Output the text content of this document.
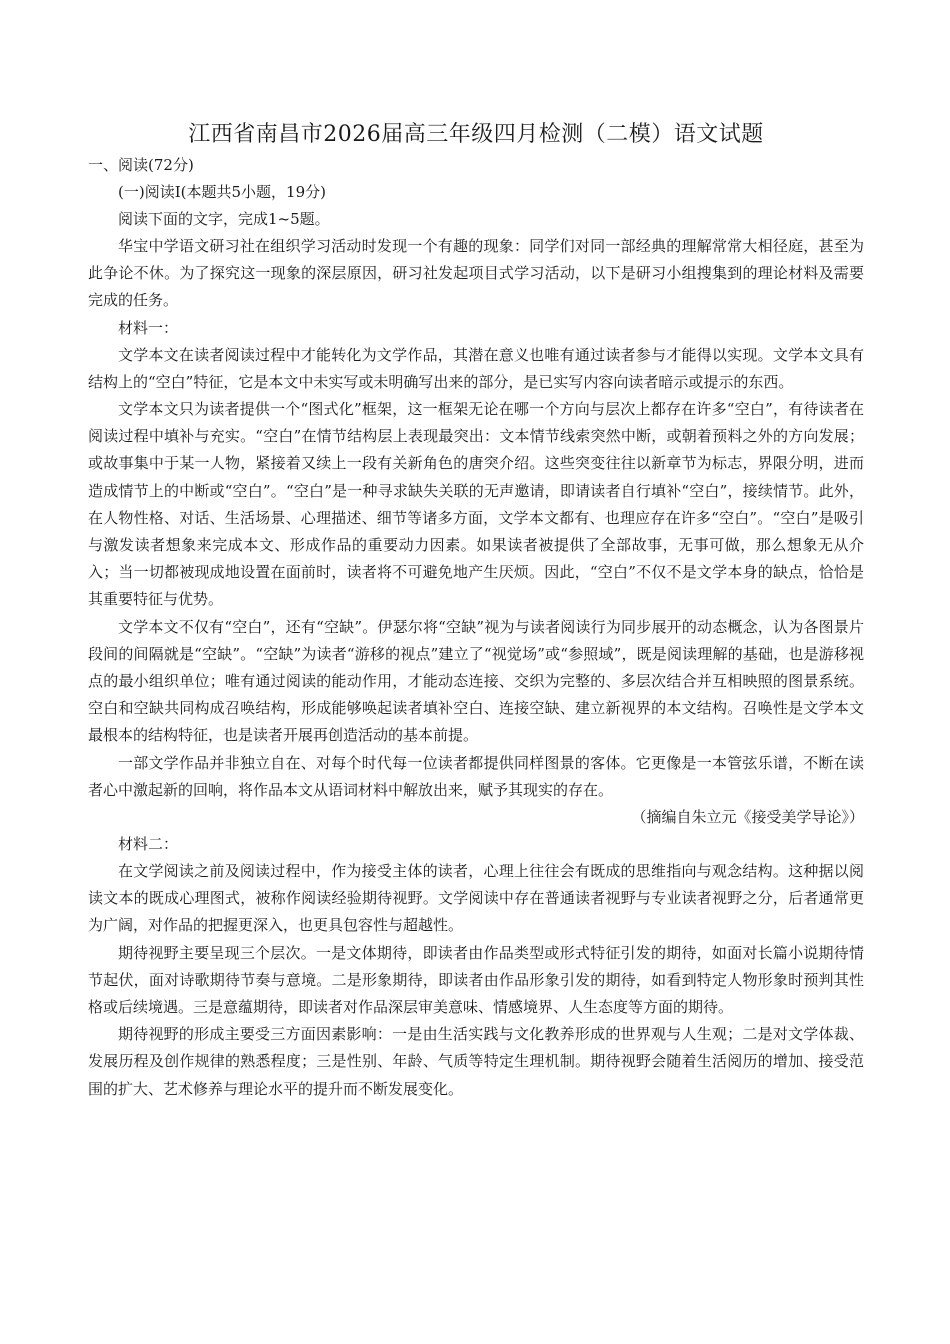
江西省南昌市2026届高三年级四月检测（二模）语文试题

一、阅读(72分)

(一)阅读Ⅰ(本题共5小题，19分)

阅读下面的文字，完成1~5题。

华宝中学语文研习社在组织学习活动时发现一个有趣的现象：同学们对同一部经典的理解常常大相径庭，甚至为此争论不休。为了探究这一现象的深层原因，研习社发起项目式学习活动，以下是研习小组搜集到的理论材料及需要完成的任务。

材料一：

文学本文在读者阅读过程中才能转化为文学作品，其潜在意义也唯有通过读者参与才能得以实现。文学本文具有结构上的“空白”特征，它是本文中未实写或未明确写出来的部分，是已实写内容向读者暗示或提示的东西。

文学本文只为读者提供一个“图式化”框架，这一框架无论在哪一个方向与层次上都存在许多“空白”，有待读者在阅读过程中填补与充实。“空白”在情节结构层上表现最突出：文本情节线索突然中断，或朝着预料之外的方向发展；或故事集中于某一人物，紧接着又续上一段有关新角色的唐突介绍。这些突变往往以新章节为标志，界限分明，进而造成情节上的中断或“空白”。“空白”是一种寻求缺失关联的无声邀请，即请读者自行填补“空白”，接续情节。此外，在人物性格、对话、生活场景、心理描述、细节等诸多方面，文学本文都有、也理应存在许多“空白”。“空白”是吸引与激发读者想象来完成本文、形成作品的重要动力因素。如果读者被提供了全部故事，无事可做，那么想象无从介入；当一切都被现成地设置在面前时，读者将不可避免地产生厌烦。因此，“空白”不仅不是文学本身的缺点，恰恰是其重要特征与优势。

文学本文不仅有“空白”，还有“空缺”。伊瑟尔将“空缺”视为与读者阅读行为同步展开的动态概念，认为各图景片段间的间隔就是“空缺”。“空缺”为读者“游移的视点”建立了“视觉场”或“参照域”，既是阅读理解的基础，也是游移视点的最小组织单位；唯有通过阅读的能动作用，才能动态连接、交织为完整的、多层次结合并互相映照的图景系统。空白和空缺共同构成召唤结构，形成能够唤起读者填补空白、连接空缺、建立新视界的本文结构。召唤性是文学本文最根本的结构特征，也是读者开展再创造活动的基本前提。

一部文学作品并非独立自在、对每个时代每一位读者都提供同样图景的客体。它更像是一本管弦乐谱，不断在读者心中激起新的回响，将作品本文从语词材料中解放出来，赋予其现实的存在。

（摘编自朱立元《接受美学导论》）

材料二：

在文学阅读之前及阅读过程中，作为接受主体的读者，心理上往往会有既成的思维指向与观念结构。这种据以阅读文本的既成心理图式，被称作阅读经验期待视野。文学阅读中存在普通读者视野与专业读者视野之分，后者通常更为广阔，对作品的把握更深入，也更具包容性与超越性。

期待视野主要呈现三个层次。一是文体期待，即读者由作品类型或形式特征引发的期待，如面对长篇小说期待情节起伏，面对诗歌期待节奏与意境。二是形象期待，即读者由作品形象引发的期待，如看到特定人物形象时预判其性格或后续境遇。三是意蕴期待，即读者对作品深层审美意味、情感境界、人生态度等方面的期待。

期待视野的形成主要受三方面因素影响：一是由生活实践与文化教养形成的世界观与人生观；二是对文学体裁、发展历程及创作规律的熟悉程度；三是性别、年龄、气质等特定生理机制。期待视野会随着生活阅历的增加、接受范围的扩大、艺术修养与理论水平的提升而不断发展变化。
